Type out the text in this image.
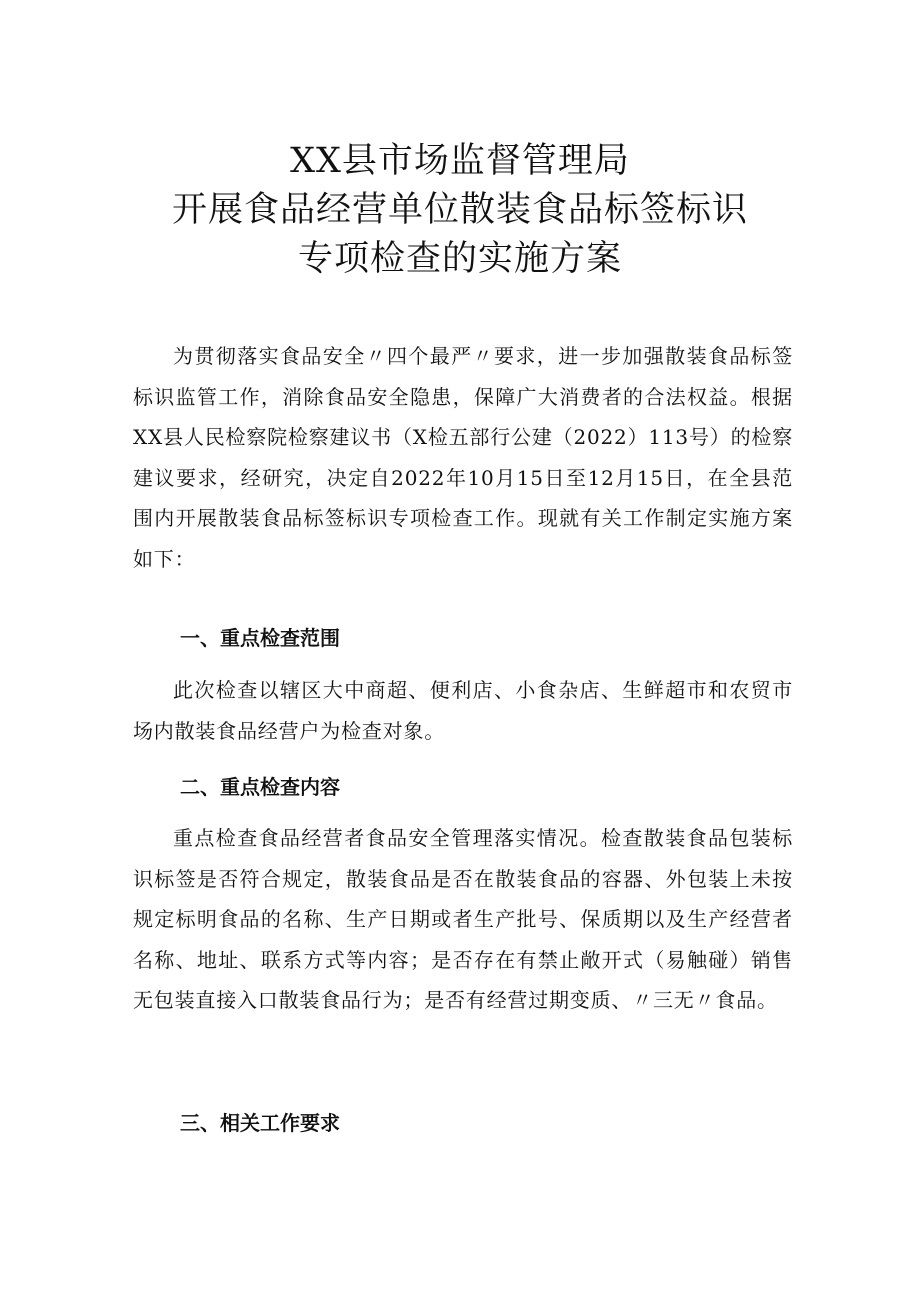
XX县市场监督管理局
开展食品经营单位散装食品标签标识
专项检查的实施方案

为贯彻落实食品安全〃四个最严〃要求，进一步加强散装食品标签标识监管工作，消除食品安全隐患，保障广大消费者的合法权益。根据XX县人民检察院检察建议书（X检五部行公建（2022）113号）的检察建议要求，经研究，决定自2022年10月15日至12月15日，在全县范围内开展散装食品标签标识专项检查工作。现就有关工作制定实施方案如下：

一、重点检查范围

此次检查以辖区大中商超、便利店、小食杂店、生鲜超市和农贸市场内散装食品经营户为检查对象。

二、重点检查内容

重点检查食品经营者食品安全管理落实情况。检查散装食品包装标识标签是否符合规定，散装食品是否在散装食品的容器、外包装上未按规定标明食品的名称、生产日期或者生产批号、保质期以及生产经营者名称、地址、联系方式等内容；是否存在有禁止敞开式（易触碰）销售无包装直接入口散装食品行为；是否有经营过期变质、〃三无〃食品。

三、相关工作要求
